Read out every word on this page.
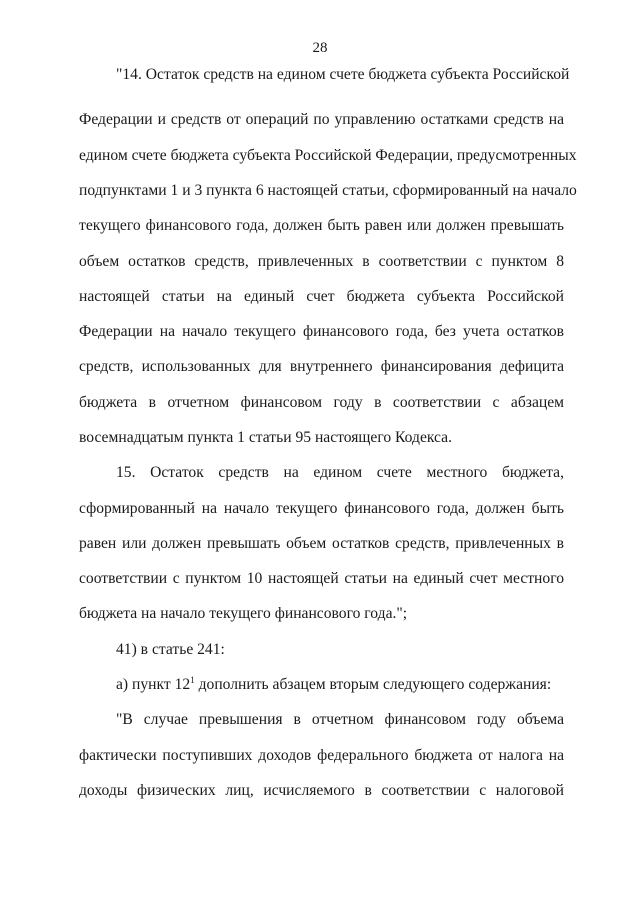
28
"14. Остаток средств на едином счете бюджета субъекта Российской
Федерации и средств от операций по управлению остатками средств на
едином счете бюджета субъекта Российской Федерации, предусмотренных
подпунктами 1 и 3 пункта 6 настоящей статьи, сформированный на начало
текущего финансового года, должен быть равен или должен превышать
объем остатков средств, привлеченных в соответствии с пунктом 8
настоящей статьи на единый счет бюджета субъекта Российской
Федерации на начало текущего финансового года, без учета остатков
средств, использованных для внутреннего финансирования дефицита
бюджета в отчетном финансовом году в соответствии с абзацем
восемнадцатым пункта 1 статьи 95 настоящего Кодекса.
15. Остаток средств на едином счете местного бюджета,
сформированный на начало текущего финансового года, должен быть
равен или должен превышать объем остатков средств, привлеченных в
соответствии с пунктом 10 настоящей статьи на единый счет местного
бюджета на начало текущего финансового года.";
41) в статье 241:
а) пункт $12^1$ дополнить абзацем вторым следующего содержания:
"В случае превышения в отчетном финансовом году объема
фактически поступивших доходов федерального бюджета от налога на
доходы физических лиц, исчисляемого в соответствии с налоговой
